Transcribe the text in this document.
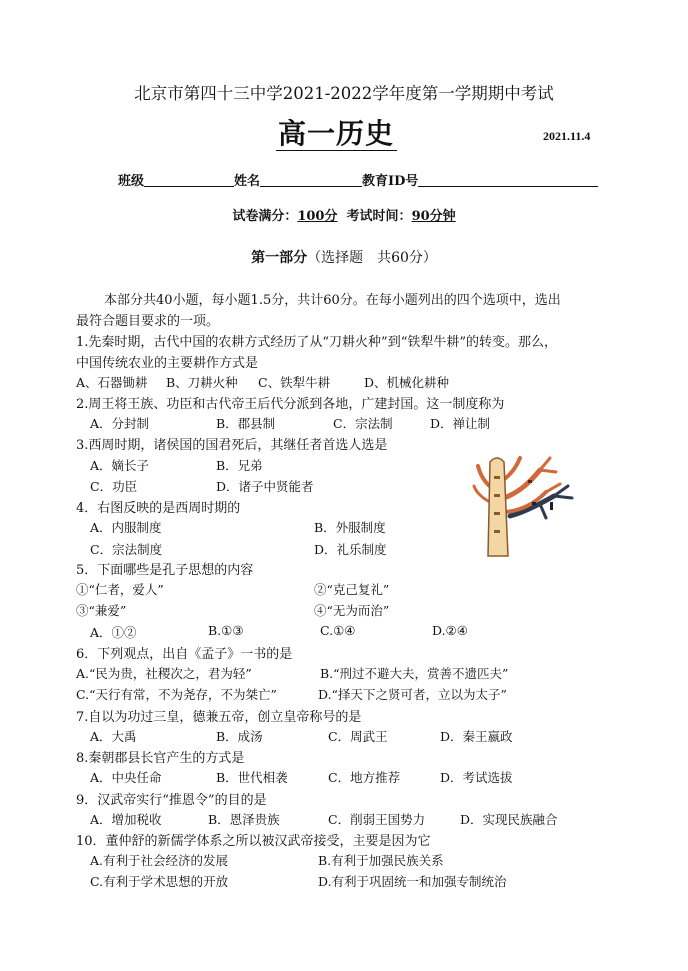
北京市第四十三中学2021-2022学年度第一学期期中考试
高一历史	2021.11.4
班级	姓名	教育ID号
试卷满分：100分 考试时间：90分钟
第一部分（选择题　共60分）
本部分共40小题，每小题1.5分，共计60分。在每小题列出的四个选项中，选出
最符合题目要求的一项。
1.先秦时期，古代中国的农耕方式经历了从“刀耕火种”到“铁犁牛耕”的转变。那么，
中国传统农业的主要耕作方式是
A、石器锄耕 B、刀耕火种 C、铁犁牛耕	D、机械化耕种
2.周王将王族、功臣和古代帝王后代分派到各地，广建封国。这一制度称为
A．分封制	B．郡县制	C．宗法制	D．禅让制
3.西周时期，诸侯国的国君死后，其继任者首选人选是
A．嫡长子	B．兄弟
C．功臣	D．诸子中贤能者
4．右图反映的是西周时期的
A．内服制度	B．外服制度
C．宗法制度	D．礼乐制度
5．下面哪些是孔子思想的内容
①“仁者，爱人”	②“克己复礼”
③“兼爱”	④“无为而治”
A．①②	B.①③	C.①④	D.②④
6．下列观点，出自《孟子》一书的是
A.“民为贵，社稷次之，君为轻”	B.“刑过不避大夫，赏善不遗匹夫”
C.“天行有常，不为尧存，不为桀亡”	D.“择天下之贤可者，立以为太子”
7.自以为功过三皇，德兼五帝，创立皇帝称号的是
A．大禹	B．成汤	C．周武王	D．秦王嬴政
8.秦朝郡县长官产生的方式是
A．中央任命	B．世代相袭	C．地方推荐	D．考试选拔
9．汉武帝实行“推恩令”的目的是
A．增加税收	B．恩泽贵族	C．削弱王国势力	D．实现民族融合
10．董仲舒的新儒学体系之所以被汉武帝接受，主要是因为它
A.有利于社会经济的发展	B.有利于加强民族关系
C.有利于学术思想的开放	D.有利于巩固统一和加强专制统治
